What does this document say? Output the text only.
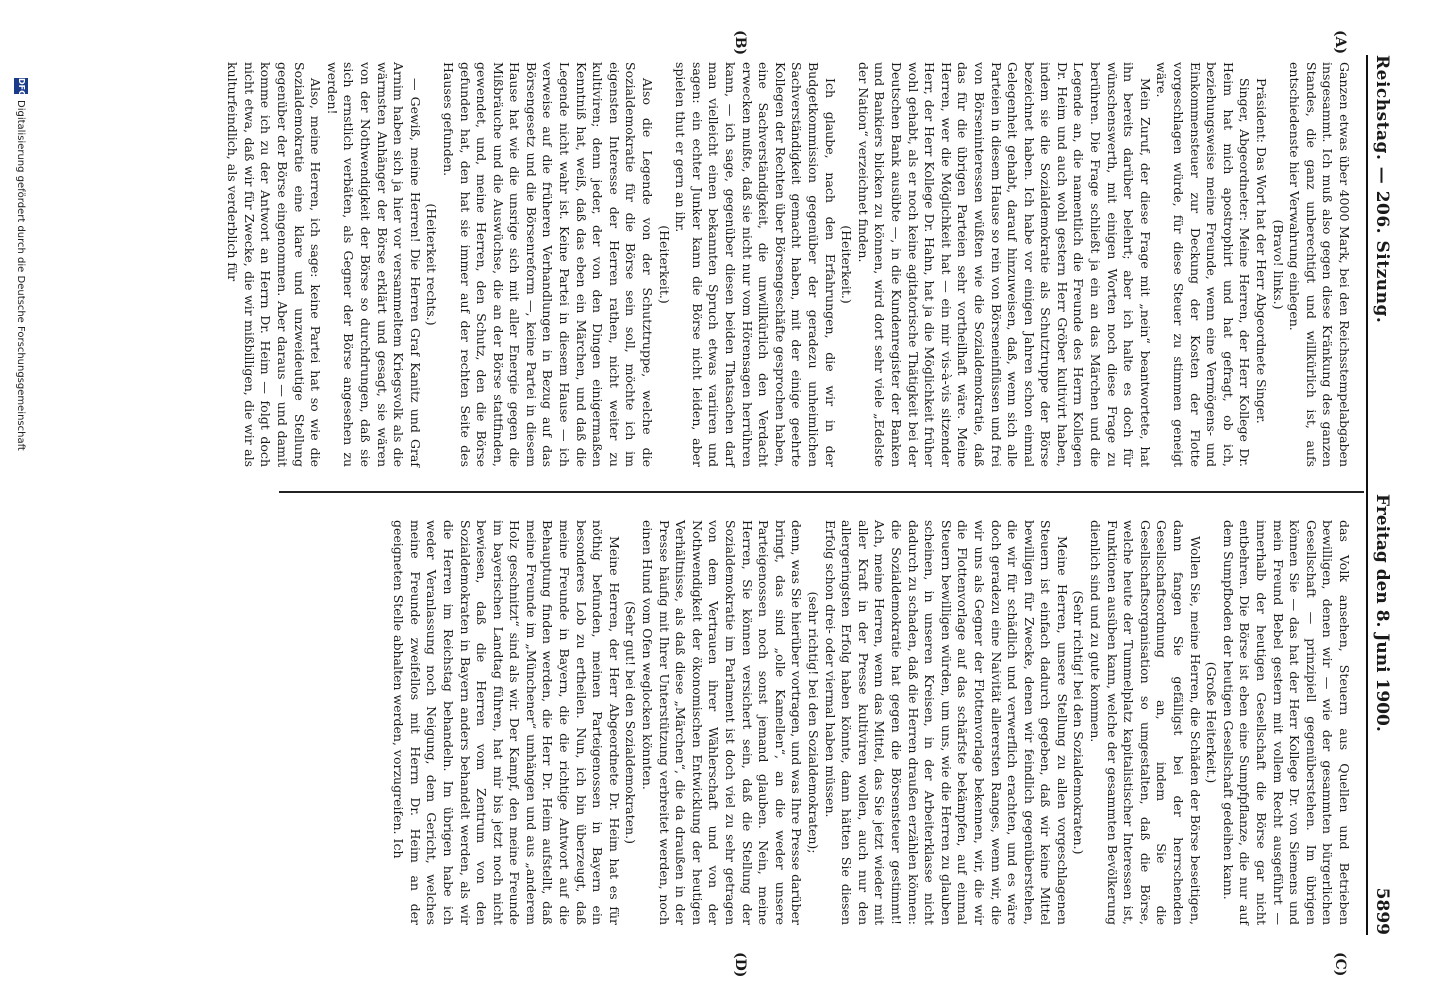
Reichstag. — 206. Sitzung.
Freitag den 8. Juni 1900. 5899
(A)
(B)
(C)
(D)

Ganzen etwas über 4000 Mark, bei den Reichsstempelabgaben insgesammt. Ich muß also gegen diese Kränkung des ganzen Standes, die ganz unberechtigt und willkürlich ist, aufs entschiedenste hier Verwahrung einlegen.

(Bravo! links.)

Präsident: Das Wort hat der Herr Abgeordnete Singer.

Singer, Abgeordneter: Meine Herren, der Herr Kollege Dr. Heim hat mich apostrophirt und hat gefragt, ob ich, beziehungsweise meine Freunde, wenn eine Vermögens- und Einkommensteuer zur Deckung der Kosten der Flotte vorgeschlagen würde, für diese Steuer zu stimmen geneigt wäre.

Mein Zuruf, der diese Frage mit „nein“ beantwortete, hat ihn bereits darüber belehrt; aber ich halte es doch für wünschenswerth, mit einigen Worten noch diese Frage zu berühren. Die Frage schließt ja ein an das Märchen und die Legende an, die namentlich die Freunde des Herrn Kollegen Dr. Heim und auch wohl gestern Herr Gröber kultivirt haben, indem sie die Sozialdemokratie als Schutztruppe der Börse bezeichnet haben. Ich habe vor einigen Jahren schon einmal Gelegenheit gehabt, darauf hinzuweisen, daß, wenn sich alle Parteien in diesem Hause so rein von Börseneinflüssen und frei von Börseninteressen wüßten wie die Sozialdemokratie, daß das für die übrigen Parteien sehr vortheilhaft wäre. Meine Herren, wer die Möglichkeit hat — ein mir vis-à-vis sitzender Herr, der Herr Kollege Dr. Hahn, hat ja die Möglichkeit früher wohl gehabt, als er noch keine agitatorische Thätigkeit bei der Deutschen Bank ausübte —, in die Kundenregister der Banken und Bankiers blicken zu können, wird dort sehr viele „Edelste der Nation“ verzeichnet finden.

(Heiterkeit.)

Ich glaube, nach den Erfahrungen, die wir in der Budgetkommission gegenüber der geradezu unheimlichen Sachverständigkeit gemacht haben, mit der einige geehrte Kollegen der Rechten über Börsengeschäfte gesprochen haben, eine Sachverständigkeit, die unwillkürlich den Verdacht erwecken mußte, daß sie nicht nur vom Hörensagen herrühren kann, — ich sage, gegenüber diesen beiden Thatsachen darf man vielleicht einen bekannten Spruch etwas variiren und sagen: ein echter Junker kann die Börse nicht leiden, aber spielen thut er gern an ihr.

(Heiterkeit.)

Also die Legende von der Schutztruppe, welche die Sozialdemokratie für die Börse sein soll, möchte ich im eigensten Interesse der Herren rathen, nicht weiter zu kultiviren; denn jeder, der von den Dingen einigermaßen Kenntniß hat, weiß, daß das eben ein Märchen, und daß die Legende nicht wahr ist. Keine Partei in diesem Hause — ich verweise auf die früheren Verhandlungen in Bezug auf das Börsengesetz und die Börsenreform —, keine Partei in diesem Hause hat wie die unsrige sich mit aller Energie gegen die Mißbräuche und die Auswüchse, die an der Börse stattfinden, gewendet, und, meine Herren, den Schutz, den die Börse gefunden hat, den hat sie immer auf der rechten Seite des Hauses gefunden.

(Heiterkeit rechts.)

— Gewiß, meine Herren! Die Herren Graf Kanitz und Graf Arnim haben sich ja hier vor versammeltem Kriegsvolk als die wärmsten Anhänger der Börse erklärt und gesagt, sie wären von der Nothwendigkeit der Börse so durchdrungen, daß sie sich ernstlich verbäten, als Gegner der Börse angesehen zu werden!

Also, meine Herren, ich sage: keine Partei hat so wie die Sozialdemokratie eine klare und unzweideutige Stellung gegenüber der Börse eingenommen. Aber daraus — und damit komme ich zu der Antwort an Herrn Dr. Heim — folgt doch nicht etwa, daß wir für Zwecke, die wir mißbilligen, die wir als kulturfeindlich, als verderblich für

das Volk ansehen, Steuern aus Quellen und Betrieben bewilligen, denen wir — wie der gesammten bürgerlichen Gesellschaft — prinzipiell gegenüberstehen. Im übrigen können Sie — das hat der Herr Kollege Dr. von Siemens und mein Freund Bebel gestern mit vollem Recht ausgeführt — innerhalb der heutigen Gesellschaft die Börse gar nicht entbehren. Die Börse ist eben eine Sumpfpflanze, die nur auf dem Sumpfboden der heutigen Gesellschaft gedeihen kann.

(Große Heiterkeit.)

Wollen Sie, meine Herren, die Schäden der Börse beseitigen, dann fangen Sie gefälligst bei der herrschenden Gesellschaftsordnung an, indem Sie die Gesellschaftsorganisation so umgestalten, daß die Börse, welche heute der Tummelplatz kapitalistischer Interessen ist, Funktionen ausüben kann, welche der gesammten Bevölkerung dienlich sind und zu gute kommen.

(Sehr richtig! bei den Sozialdemokraten.)

Meine Herren, unsere Stellung zu allen vorgeschlagenen Steuern ist einfach dadurch gegeben, daß wir keine Mittel bewilligen für Zwecke, denen wir feindlich gegenüberstehen, die wir für schädlich und verwerflich erachten, und es wäre doch geradezu eine Naivität allerersten Ranges, wenn wir, die wir uns als Gegner der Flottenvorlage bekennen, wir, die wir die Flottenvorlage auf das schärfste bekämpfen, auf einmal Steuern bewilligen würden, um uns, wie die Herren zu glauben scheinen, in unseren Kreisen, in der Arbeiterklasse nicht dadurch zu schaden, daß die Herren draußen erzählen können: die Sozialdemokratie hat gegen die Börsensteuer gestimmt! Ach, meine Herren, wenn das Mittel, das Sie jetzt wieder mit aller Kraft in der Presse kultiviren wollen, auch nur den allergeringsten Erfolg haben könnte, dann hätten Sie diesen Erfolg schon drei- oder viermal haben müssen.

(sehr richtig! bei den Sozialdemokraten);

denn, was Sie hierüber vortragen, und was Ihre Presse darüber bringt, das sind „olle Kamellen“, an die weder unsere Parteigenossen noch sonst jemand glauben. Nein, meine Herren, Sie können versichert sein, daß die Stellung der Sozialdemokratie im Parlament ist doch viel zu sehr getragen von dem Vertrauen ihrer Wählerschaft und von der Nothwendigkeit der ökonomischen Entwicklung der heutigen Verhältnisse, als daß diese „Märchen“, die da draußen in der Presse häufig mit Ihrer Unterstützung verbreitet werden, noch einen Hund vom Ofen weglocken könnten.

(Sehr gut! bei den Sozialdemokraten.)

Meine Herren, der Herr Abgeordnete Dr. Heim hat es für nöthig befunden, meinen Parteigenossen in Bayern ein besonderes Lob zu ertheilen. Nun, ich bin überzeugt, daß meine Freunde in Bayern, die die richtige Antwort auf die Behauptung finden werden, die Herr Dr. Heim aufstellt, daß meine Freunde im „Münchener“ umhängen und aus „anderem Holz geschnitzt“ sind als wir. Der Kampf, den meine Freunde im bayerischen Landtag führen, hat mir bis jetzt noch nicht bewiesen, daß die Herren vom Zentrum von den Sozialdemokraten in Bayern anders behandelt werden, als wir die Herren im Reichstag behandeln. Im übrigen habe ich weder Veranlassung noch Neigung, dem Gericht, welches meine Freunde zweifellos mit Herrn Dr. Heim an der geeigneten Stelle abhalten werden, vorzugreifen. Ich

DFG
Digitalisierung gefördert durch die Deutsche Forschungsgemeinschaft
